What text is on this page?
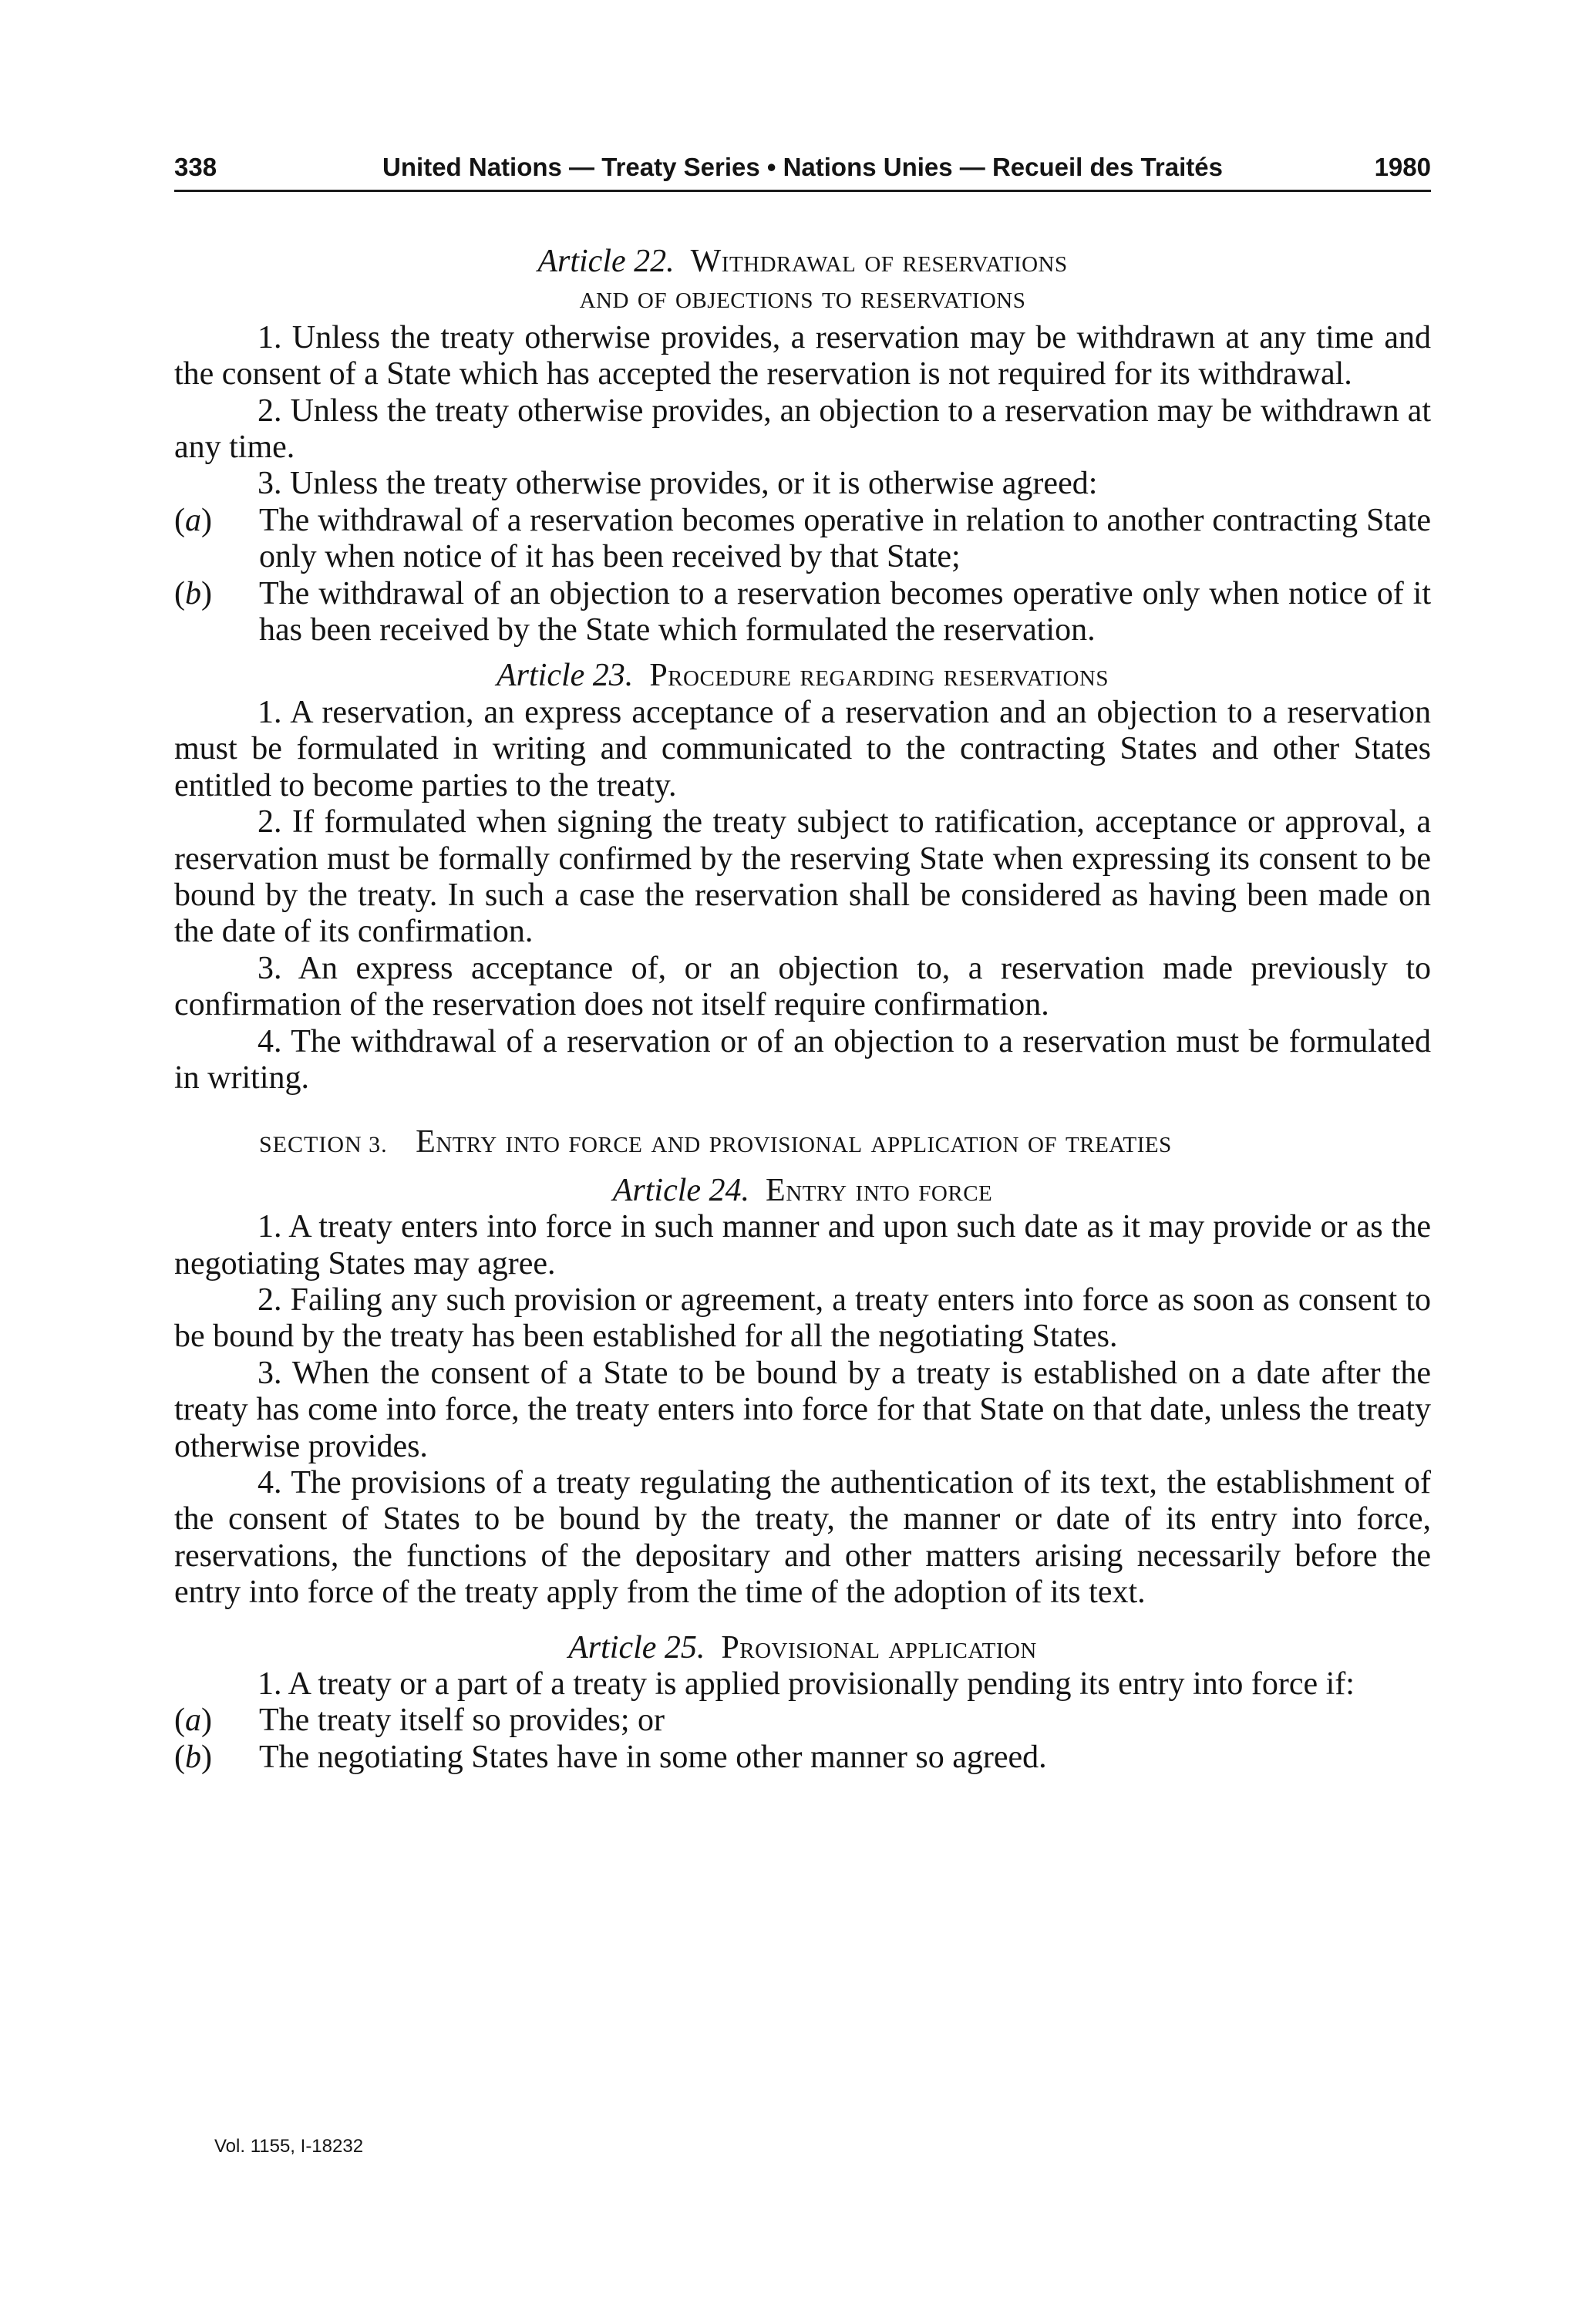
338	United Nations — Treaty Series • Nations Unies — Recueil des Traités	1980
Article 22. Withdrawal of reservations
and of objections to reservations

1. Unless the treaty otherwise provides, a reservation may be withdrawn at any time and the consent of a State which has accepted the reservation is not required for its withdrawal.

2. Unless the treaty otherwise provides, an objection to a reservation may be withdrawn at any time.

3. Unless the treaty otherwise provides, or it is otherwise agreed:

(a) The withdrawal of a reservation becomes operative in relation to another contracting State only when notice of it has been received by that State;
(b) The withdrawal of an objection to a reservation becomes operative only when notice of it has been received by the State which formulated the reservation.
Article 23. Procedure regarding reservations

1. A reservation, an express acceptance of a reservation and an objection to a reservation must be formulated in writing and communicated to the contracting States and other States entitled to become parties to the treaty.

2. If formulated when signing the treaty subject to ratification, acceptance or approval, a reservation must be formally confirmed by the reserving State when expressing its consent to be bound by the treaty. In such a case the reservation shall be considered as having been made on the date of its confirmation.

3. An express acceptance of, or an objection to, a reservation made previously to confirmation of the reservation does not itself require confirmation.

4. The withdrawal of a reservation or of an objection to a reservation must be formulated in writing.

SECTION 3. Entry into force and provisional application of treaties
Article 24. Entry into force

1. A treaty enters into force in such manner and upon such date as it may provide or as the negotiating States may agree.

2. Failing any such provision or agreement, a treaty enters into force as soon as consent to be bound by the treaty has been established for all the negotiating States.

3. When the consent of a State to be bound by a treaty is established on a date after the treaty has come into force, the treaty enters into force for that State on that date, unless the treaty otherwise provides.

4. The provisions of a treaty regulating the authentication of its text, the establishment of the consent of States to be bound by the treaty, the manner or date of its entry into force, reservations, the functions of the depositary and other matters arising necessarily before the entry into force of the treaty apply from the time of the adoption of its text.

Article 25. Provisional application

1. A treaty or a part of a treaty is applied provisionally pending its entry into force if:

(a) The treaty itself so provides; or
(b) The negotiating States have in some other manner so agreed.
Vol. 1155, I-18232
